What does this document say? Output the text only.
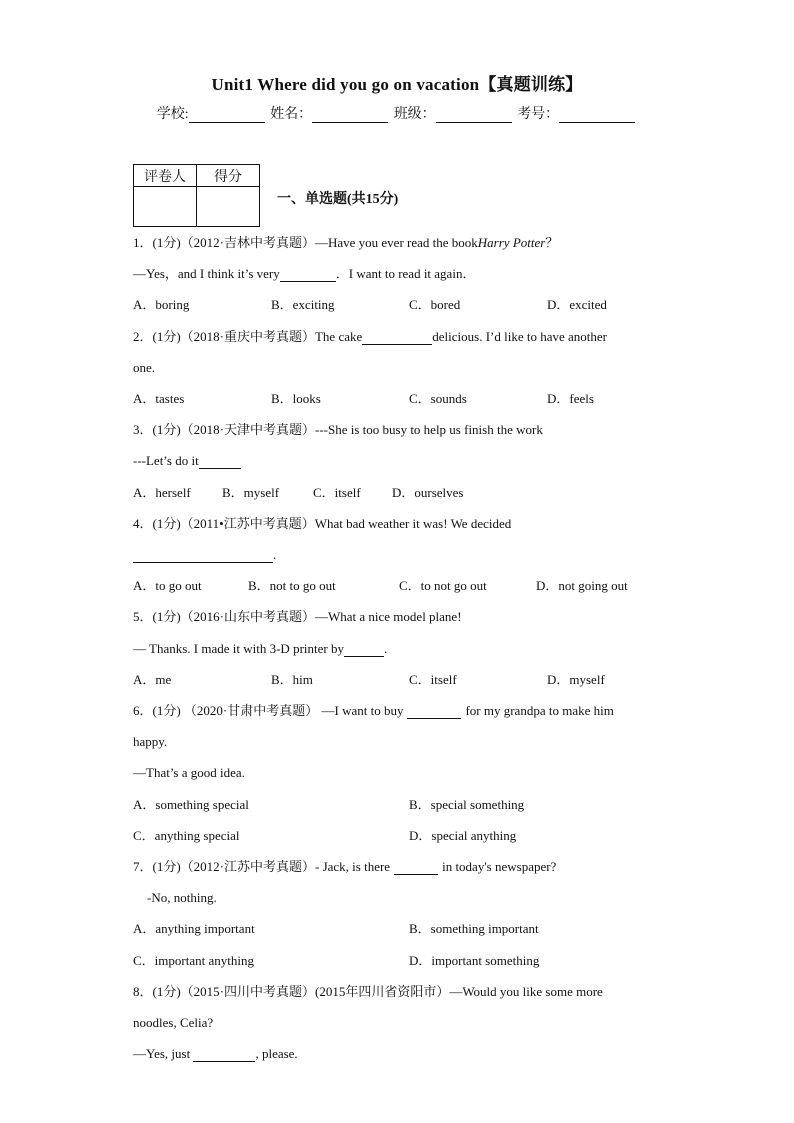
Unit1 Where did you go on vacation【真题训练】
学校:	姓名：	班级：	考号：
评卷人	得分

一、单选题(共15分)
1．(1分)（2012·吉林中考真题）—Have you ever read the bookHarry Potter？
—Yes，and I think it’s very	．I want to read it again．
A．boring	B．exciting	C．bored	D．excited
2．(1分)（2018·重庆中考真题）The cake	delicious. I’d like to have another
one.
A．tastes	B．looks	C．sounds	D．feels
3．(1分)（2018·天津中考真题）---She is too busy to help us finish the work
---Let’s do it
A．herself B．myself	C．itself D．ourselves
4．(1分)（2011•江苏中考真题）What bad weather it was! We decided
.
A．to go out	B．not to go out	C．to not go out	D．not going out
5．(1分)（2016·山东中考真题）—What a nice model plane!
— Thanks. I made it with 3-D printer by	.
A．me	B．him	C．itself	D．myself
6．(1分) （2020·甘肃中考真题） —I want to buy	for my grandpa to make him
happy.
—That’s a good idea.
A．something special	B．special something
C．anything special	D．special anything
7．(1分)（2012·江苏中考真题）- Jack, is there	in today's newspaper?
-No, nothing.
A．anything important	B．something important
C．important anything	D．important something
8．(1分)（2015·四川中考真题）(2015年四川省资阳市）—Would you like some more
noodles, Celia?
—Yes, just	, please.
